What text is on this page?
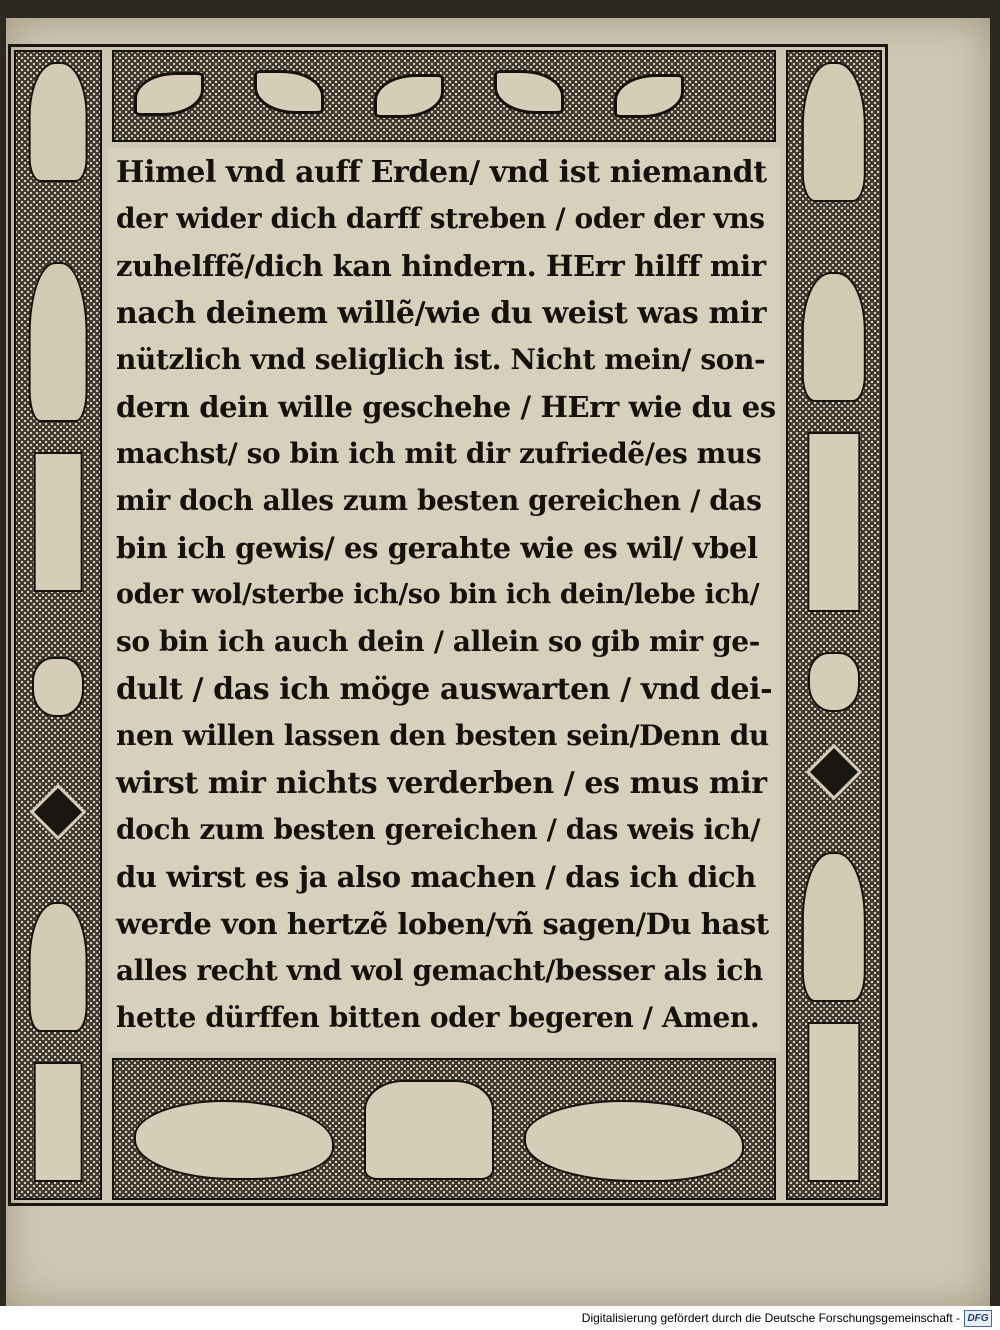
Himel vnd auff Erden/ vnd ist niemandt
der wider dich darff streben / oder der vns
zuhelffẽ/dich kan hindern. HErr hilff mir
nach deinem willẽ/wie du weist was mir
nützlich vnd seliglich ist. Nicht mein/ son-
dern dein wille geschehe / HErr wie du es
machst/ so bin ich mit dir zufriedẽ/es mus
mir doch alles zum besten gereichen / das
bin ich gewis/ es gerahte wie es wil/ vbel
oder wol/sterbe ich/so bin ich dein/lebe ich/
so bin ich auch dein / allein so gib mir ge-
dult / das ich möge auswarten / vnd dei-
nen willen lassen den besten sein/Denn du
wirst mir nichts verderben / es mus mir
doch zum besten gereichen / das weis ich/
du wirst es ja also machen / das ich dich
werde von hertzẽ loben/vñ sagen/Du hast
alles recht vnd wol gemacht/besser als ich
hette dürffen bitten oder begeren / Amen.
Digitalisierung gefördert durch die Deutsche Forschungsgemeinschaft - DFG
